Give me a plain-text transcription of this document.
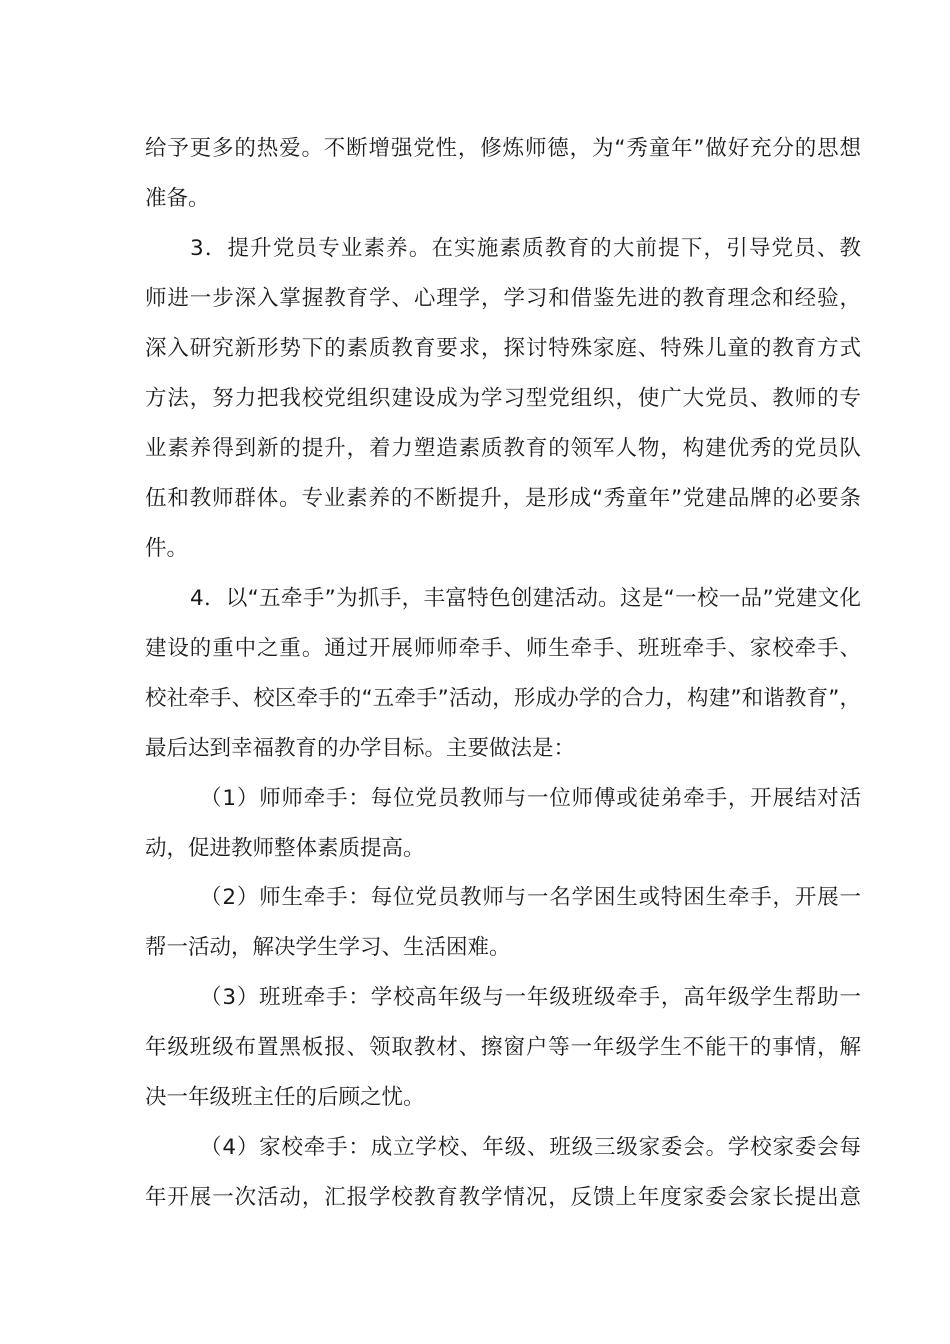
给予更多的热爱。不断增强党性，修炼师德，为“秀童年”做好充分的思想
准备。
3．提升党员专业素养。在实施素质教育的大前提下，引导党员、教
师进一步深入掌握教育学、心理学，学习和借鉴先进的教育理念和经验，
深入研究新形势下的素质教育要求，探讨特殊家庭、特殊儿童的教育方式
方法，努力把我校党组织建设成为学习型党组织，使广大党员、教师的专
业素养得到新的提升，着力塑造素质教育的领军人物，构建优秀的党员队
伍和教师群体。专业素养的不断提升，是形成“秀童年”党建品牌的必要条
件。
4．以“五牵手”为抓手，丰富特色创建活动。这是“一校一品”党建文化
建设的重中之重。通过开展师师牵手、师生牵手、班班牵手、家校牵手、
校社牵手、校区牵手的“五牵手”活动，形成办学的合力，构建”和谐教育”，
最后达到幸福教育的办学目标。主要做法是：
（1）师师牵手：每位党员教师与一位师傅或徒弟牵手，开展结对活
动，促进教师整体素质提高。
（2）师生牵手：每位党员教师与一名学困生或特困生牵手，开展一
帮一活动，解决学生学习、生活困难。
（3）班班牵手：学校高年级与一年级班级牵手，高年级学生帮助一
年级班级布置黑板报、领取教材、擦窗户等一年级学生不能干的事情，解
决一年级班主任的后顾之忧。
（4）家校牵手：成立学校、年级、班级三级家委会。学校家委会每
年开展一次活动，汇报学校教育教学情况，反馈上年度家委会家长提出意
